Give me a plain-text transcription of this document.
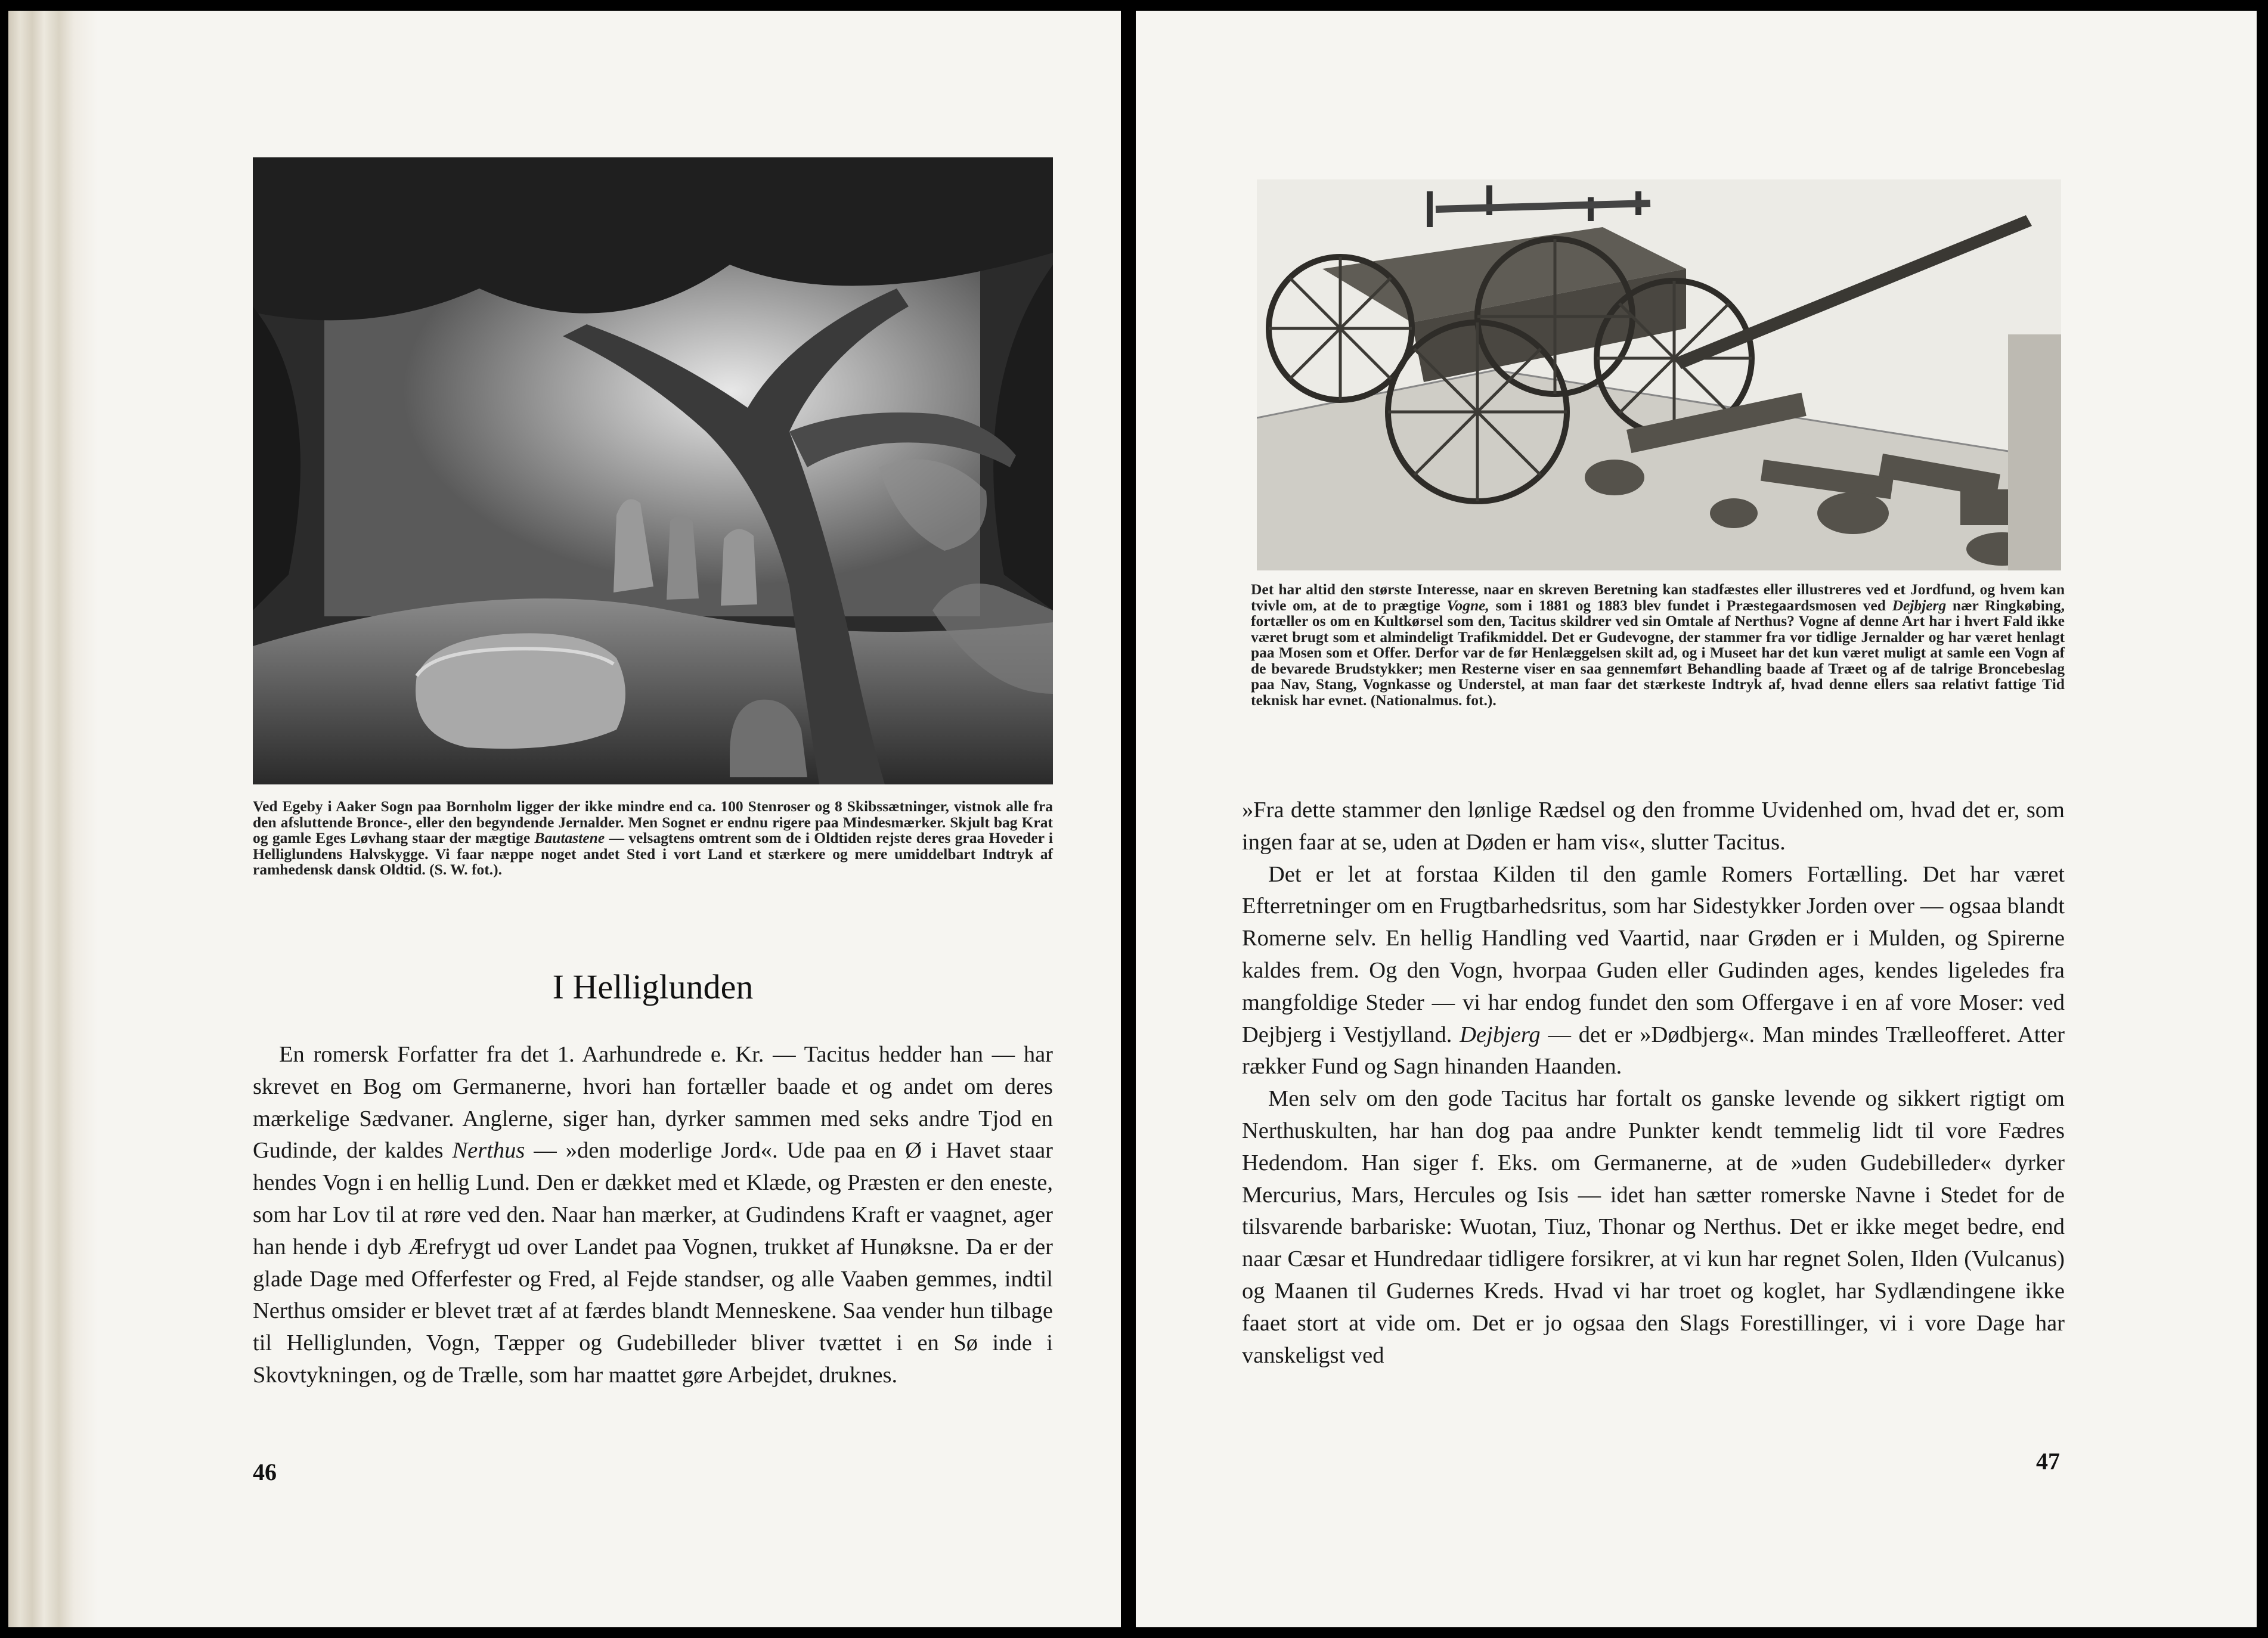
Ved Egeby i Aaker Sogn paa Bornholm ligger der ikke mindre end ca. 100 Stenroser og 8 Skibssætninger, vistnok alle fra den afsluttende Bronce-, eller den begyndende Jernalder. Men Sognet er endnu rigere paa Mindesmærker. Skjult bag Krat og gamle Eges Løvhang staar der mægtige Bautastene — velsagtens omtrent som de i Oldtiden rejste deres graa Hoveder i Helliglundens Halvskygge. Vi faar næppe noget andet Sted i vort Land et stærkere og mere umiddelbart Indtryk af ramhedensk dansk Oldtid. (S. W. fot.).

I Helliglunden

En romersk Forfatter fra det 1. Aarhundrede e. Kr. — Tacitus hedder han — har skrevet en Bog om Germanerne, hvori han fortæller baade et og andet om deres mærkelige Sædvaner. Anglerne, siger han, dyrker sammen med seks andre Tjod en Gudinde, der kaldes Nerthus — »den moderlige Jord«. Ude paa en Ø i Havet staar hendes Vogn i en hellig Lund. Den er dækket med et Klæde, og Præsten er den eneste, som har Lov til at røre ved den. Naar han mærker, at Gudindens Kraft er vaagnet, ager han hende i dyb Ærefrygt ud over Landet paa Vognen, trukket af Hunøksne. Da er der glade Dage med Offerfester og Fred, al Fejde standser, og alle Vaaben gemmes, indtil Nerthus omsider er blevet træt af at færdes blandt Menneskene. Saa vender hun tilbage til Helliglunden, Vogn, Tæpper og Gudebilleder bliver tvættet i en Sø inde i Skovtykningen, og de Trælle, som har maattet gøre Arbejdet, druknes.

46

Det har altid den største Interesse, naar en skreven Beretning kan stadfæstes eller illustreres ved et Jordfund, og hvem kan tvivle om, at de to prægtige Vogne, som i 1881 og 1883 blev fundet i Præstegaardsmosen ved Dejbjerg nær Ringkøbing, fortæller os om en Kultkørsel som den, Tacitus skildrer ved sin Omtale af Nerthus? Vogne af denne Art har i hvert Fald ikke været brugt som et almindeligt Trafikmiddel. Det er Gudevogne, der stammer fra vor tidlige Jernalder og har været henlagt paa Mosen som et Offer. Derfor var de før Henlæggelsen skilt ad, og i Museet har det kun været muligt at samle een Vogn af de bevarede Brudstykker; men Resterne viser en saa gennemført Behandling baade af Træet og af de talrige Broncebeslag paa Nav, Stang, Vognkasse og Understel, at man faar det stærkeste Indtryk af, hvad denne ellers saa relativt fattige Tid teknisk har evnet. (Nationalmus. fot.).

»Fra dette stammer den lønlige Rædsel og den fromme Uvidenhed om, hvad det er, som ingen faar at se, uden at Døden er ham vis«, slutter Tacitus.

Det er let at forstaa Kilden til den gamle Romers Fortælling. Det har været Efterretninger om en Frugtbarhedsritus, som har Sidestykker Jorden over — ogsaa blandt Romerne selv. En hellig Handling ved Vaartid, naar Grøden er i Mulden, og Spirerne kaldes frem. Og den Vogn, hvorpaa Guden eller Gudinden ages, kendes ligeledes fra mangfoldige Steder — vi har endog fundet den som Offergave i en af vore Moser: ved Dejbjerg i Vestjylland. Dejbjerg — det er »Dødbjerg«. Man mindes Trælleofferet. Atter rækker Fund og Sagn hinanden Haanden.

Men selv om den gode Tacitus har fortalt os ganske levende og sikkert rigtigt om Nerthuskulten, har han dog paa andre Punkter kendt temmelig lidt til vore Fædres Hedendom. Han siger f. Eks. om Germanerne, at de »uden Gudebilleder« dyrker Mercurius, Mars, Hercules og Isis — idet han sætter romerske Navne i Stedet for de tilsvarende barbariske: Wuotan, Tiuz, Thonar og Nerthus. Det er ikke meget bedre, end naar Cæsar et Hundredaar tidligere forsikrer, at vi kun har regnet Solen, Ilden (Vulcanus) og Maanen til Gudernes Kreds. Hvad vi har troet og koglet, har Sydlændingene ikke faaet stort at vide om. Det er jo ogsaa den Slags Forestillinger, vi i vore Dage har vanskeligst ved

47
